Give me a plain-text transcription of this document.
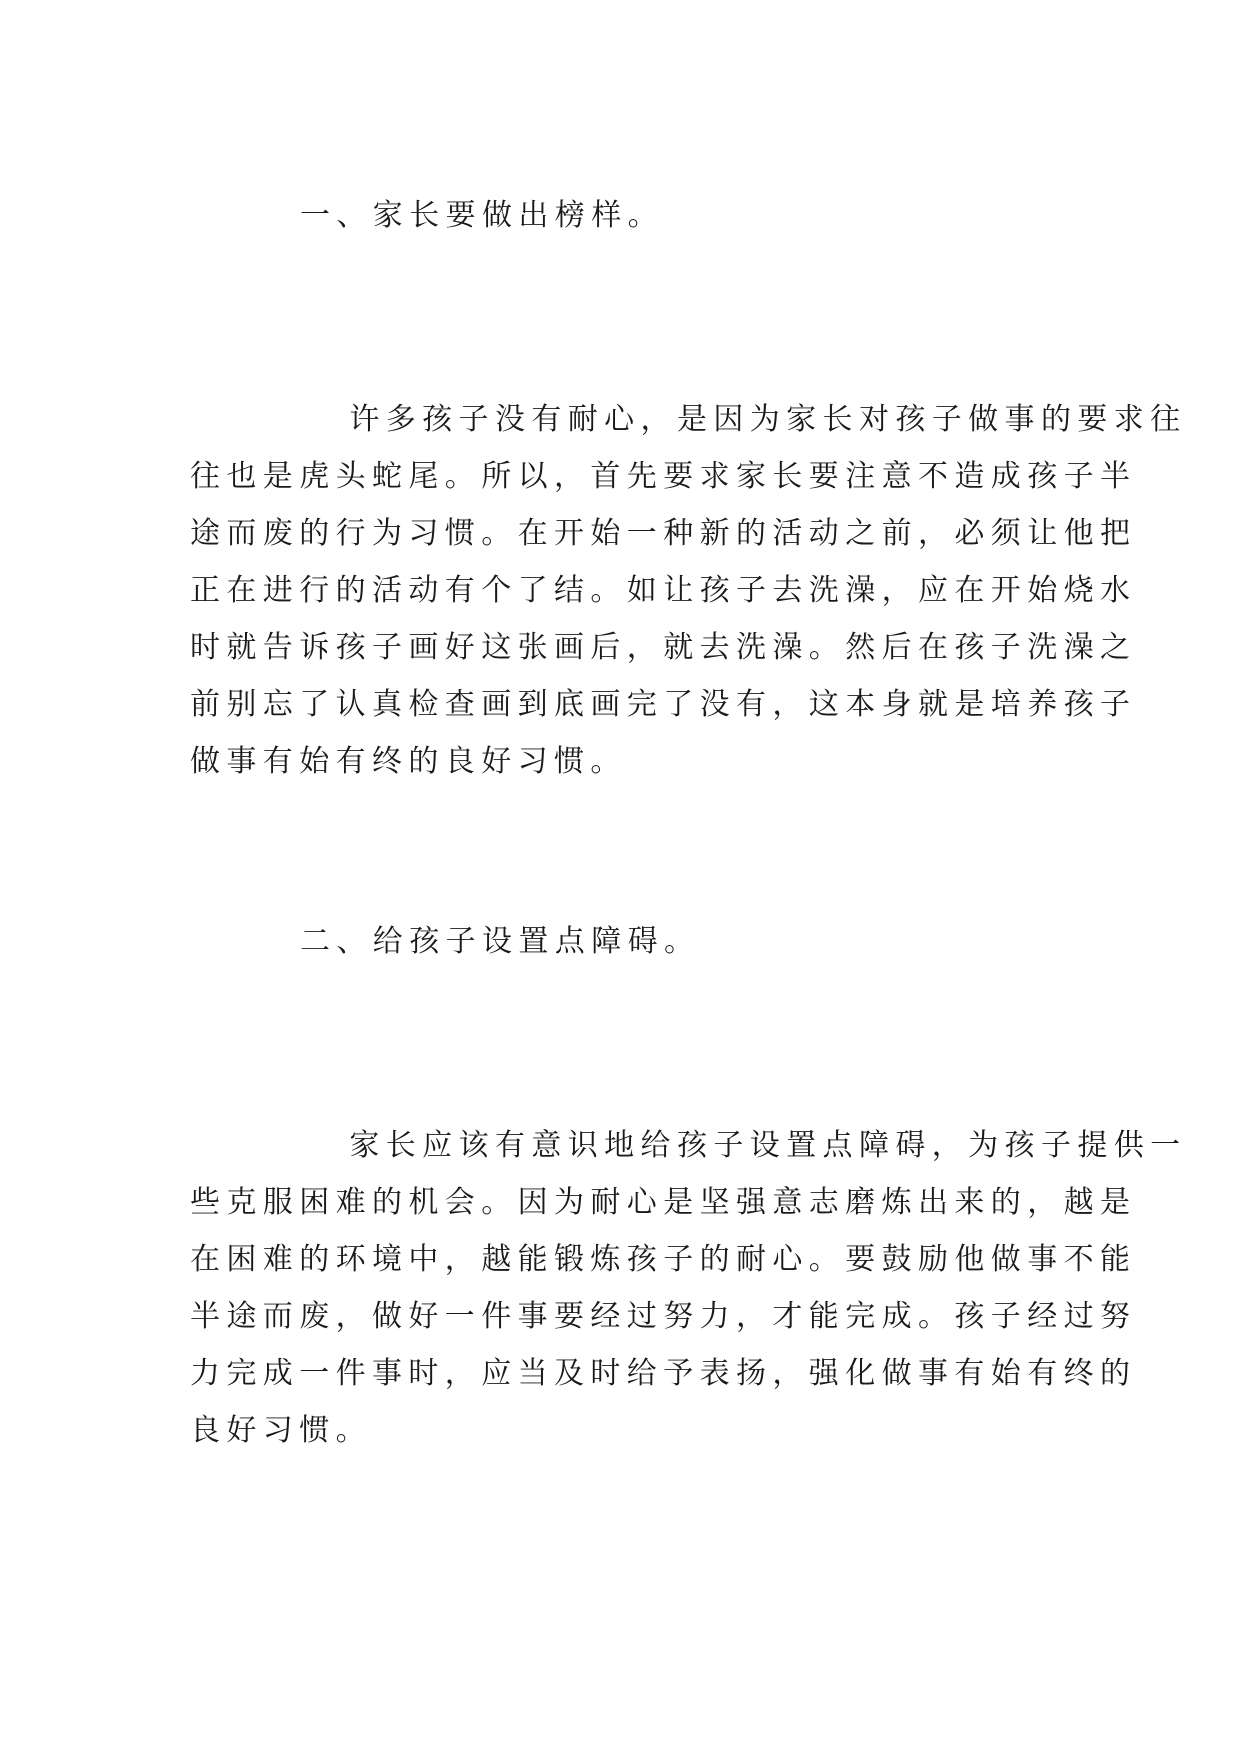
一、家长要做出榜样。
许多孩子没有耐心，是因为家长对孩子做事的要求往
往也是虎头蛇尾。所以，首先要求家长要注意不造成孩子半
途而废的行为习惯。在开始一种新的活动之前，必须让他把
正在进行的活动有个了结。如让孩子去洗澡，应在开始烧水
时就告诉孩子画好这张画后，就去洗澡。然后在孩子洗澡之
前别忘了认真检查画到底画完了没有，这本身就是培养孩子
做事有始有终的良好习惯。
二、给孩子设置点障碍。
家长应该有意识地给孩子设置点障碍，为孩子提供一
些克服困难的机会。因为耐心是坚强意志磨炼出来的，越是
在困难的环境中，越能锻炼孩子的耐心。要鼓励他做事不能
半途而废，做好一件事要经过努力，才能完成。孩子经过努
力完成一件事时，应当及时给予表扬，强化做事有始有终的
良好习惯。
